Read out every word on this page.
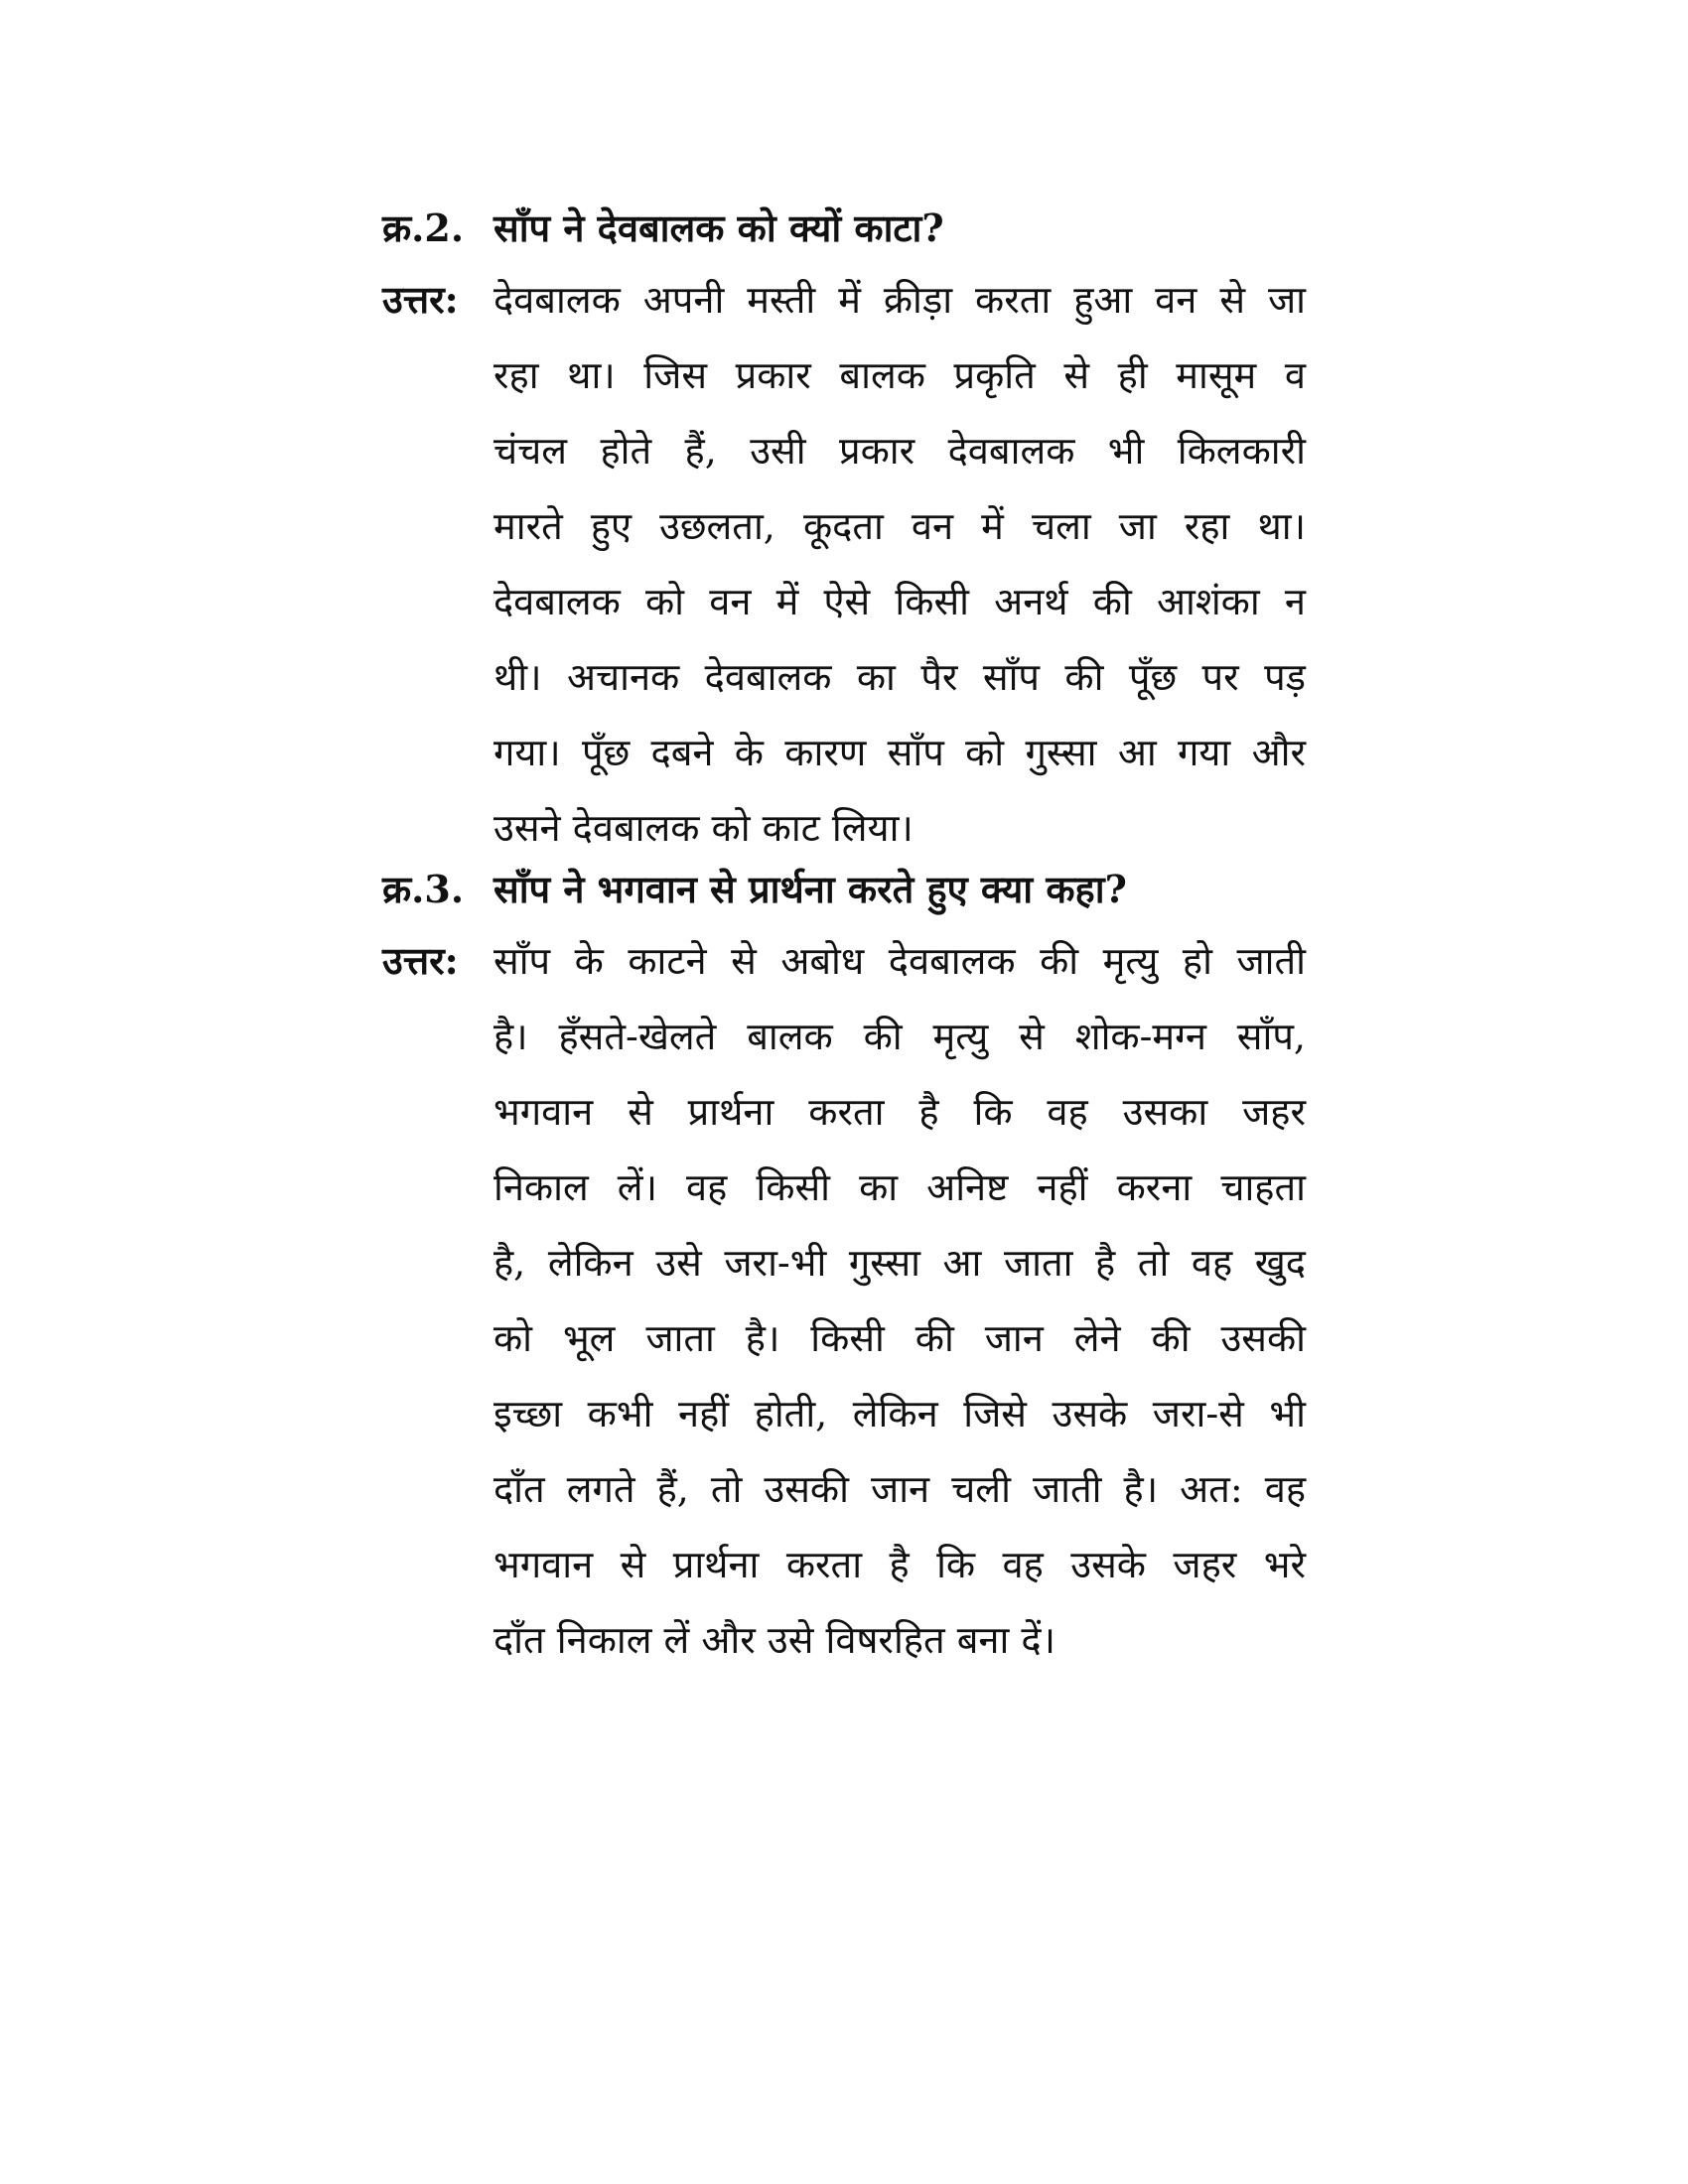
क्र.2. साँप ने देवबालक को क्यों काटा?
उत्तर: देवबालक अपनी मस्ती में क्रीड़ा करता हुआ वन से जा
रहा था। जिस प्रकार बालक प्रकृति से ही मासूम व
चंचल होते हैं, उसी प्रकार देवबालक भी किलकारी
मारते हुए उछलता, कूदता वन में चला जा रहा था।
देवबालक को वन में ऐसे किसी अनर्थ की आशंका न
थी। अचानक देवबालक का पैर साँप की पूँछ पर पड़
गया। पूँछ दबने के कारण साँप को गुस्सा आ गया और
उसने देवबालक को काट लिया।
क्र.3. साँप ने भगवान से प्रार्थना करते हुए क्या कहा?
उत्तर: साँप के काटने से अबोध देवबालक की मृत्यु हो जाती
है। हँसते-खेलते बालक की मृत्यु से शोक-मग्न साँप,
भगवान से प्रार्थना करता है कि वह उसका जहर
निकाल लें। वह किसी का अनिष्ट नहीं करना चाहता
है, लेकिन उसे जरा-भी गुस्सा आ जाता है तो वह खुद
को भूल जाता है। किसी की जान लेने की उसकी
इच्छा कभी नहीं होती, लेकिन जिसे उसके जरा-से भी
दाँत लगते हैं, तो उसकी जान चली जाती है। अत: वह
भगवान से प्रार्थना करता है कि वह उसके जहर भरे
दाँत निकाल लें और उसे विषरहित बना दें।
